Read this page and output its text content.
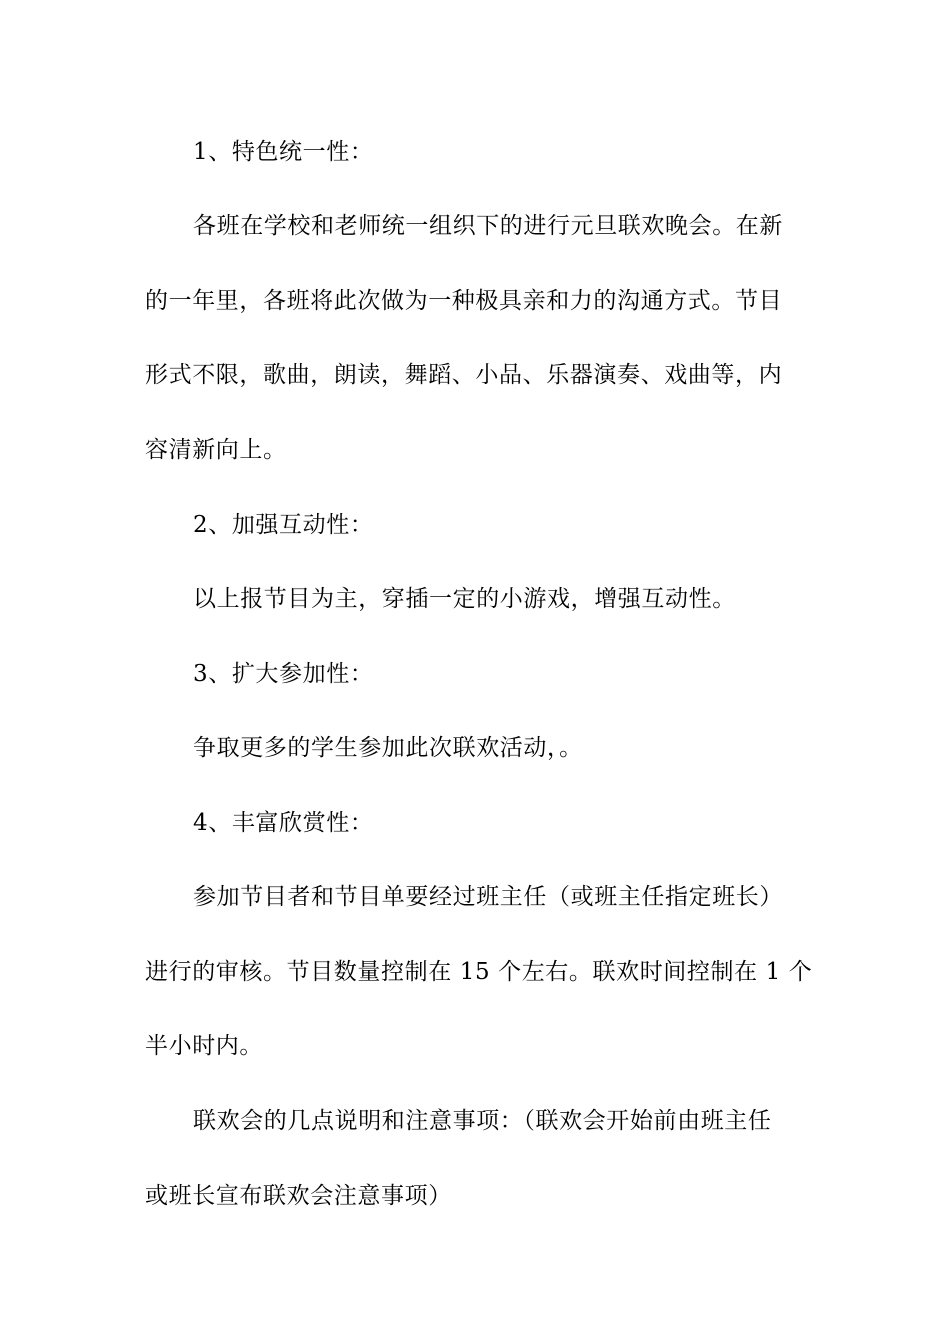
1、特色统一性：
各班在学校和老师统一组织下的进行元旦联欢晚会。在新
的一年里，各班将此次做为一种极具亲和力的沟通方式。节目
形式不限，歌曲，朗读，舞蹈、小品、乐器演奏、戏曲等，内
容清新向上。
2、加强互动性：
以上报节目为主，穿插一定的小游戏，增强互动性。
3、扩大参加性：
争取更多的学生参加此次联欢活动，。
4、丰富欣赏性：
参加节目者和节目单要经过班主任（或班主任指定班长）
进行的审核。节目数量控制在 15 个左右。联欢时间控制在 1 个
半小时内。
联欢会的几点说明和注意事项：（联欢会开始前由班主任
或班长宣布联欢会注意事项）
